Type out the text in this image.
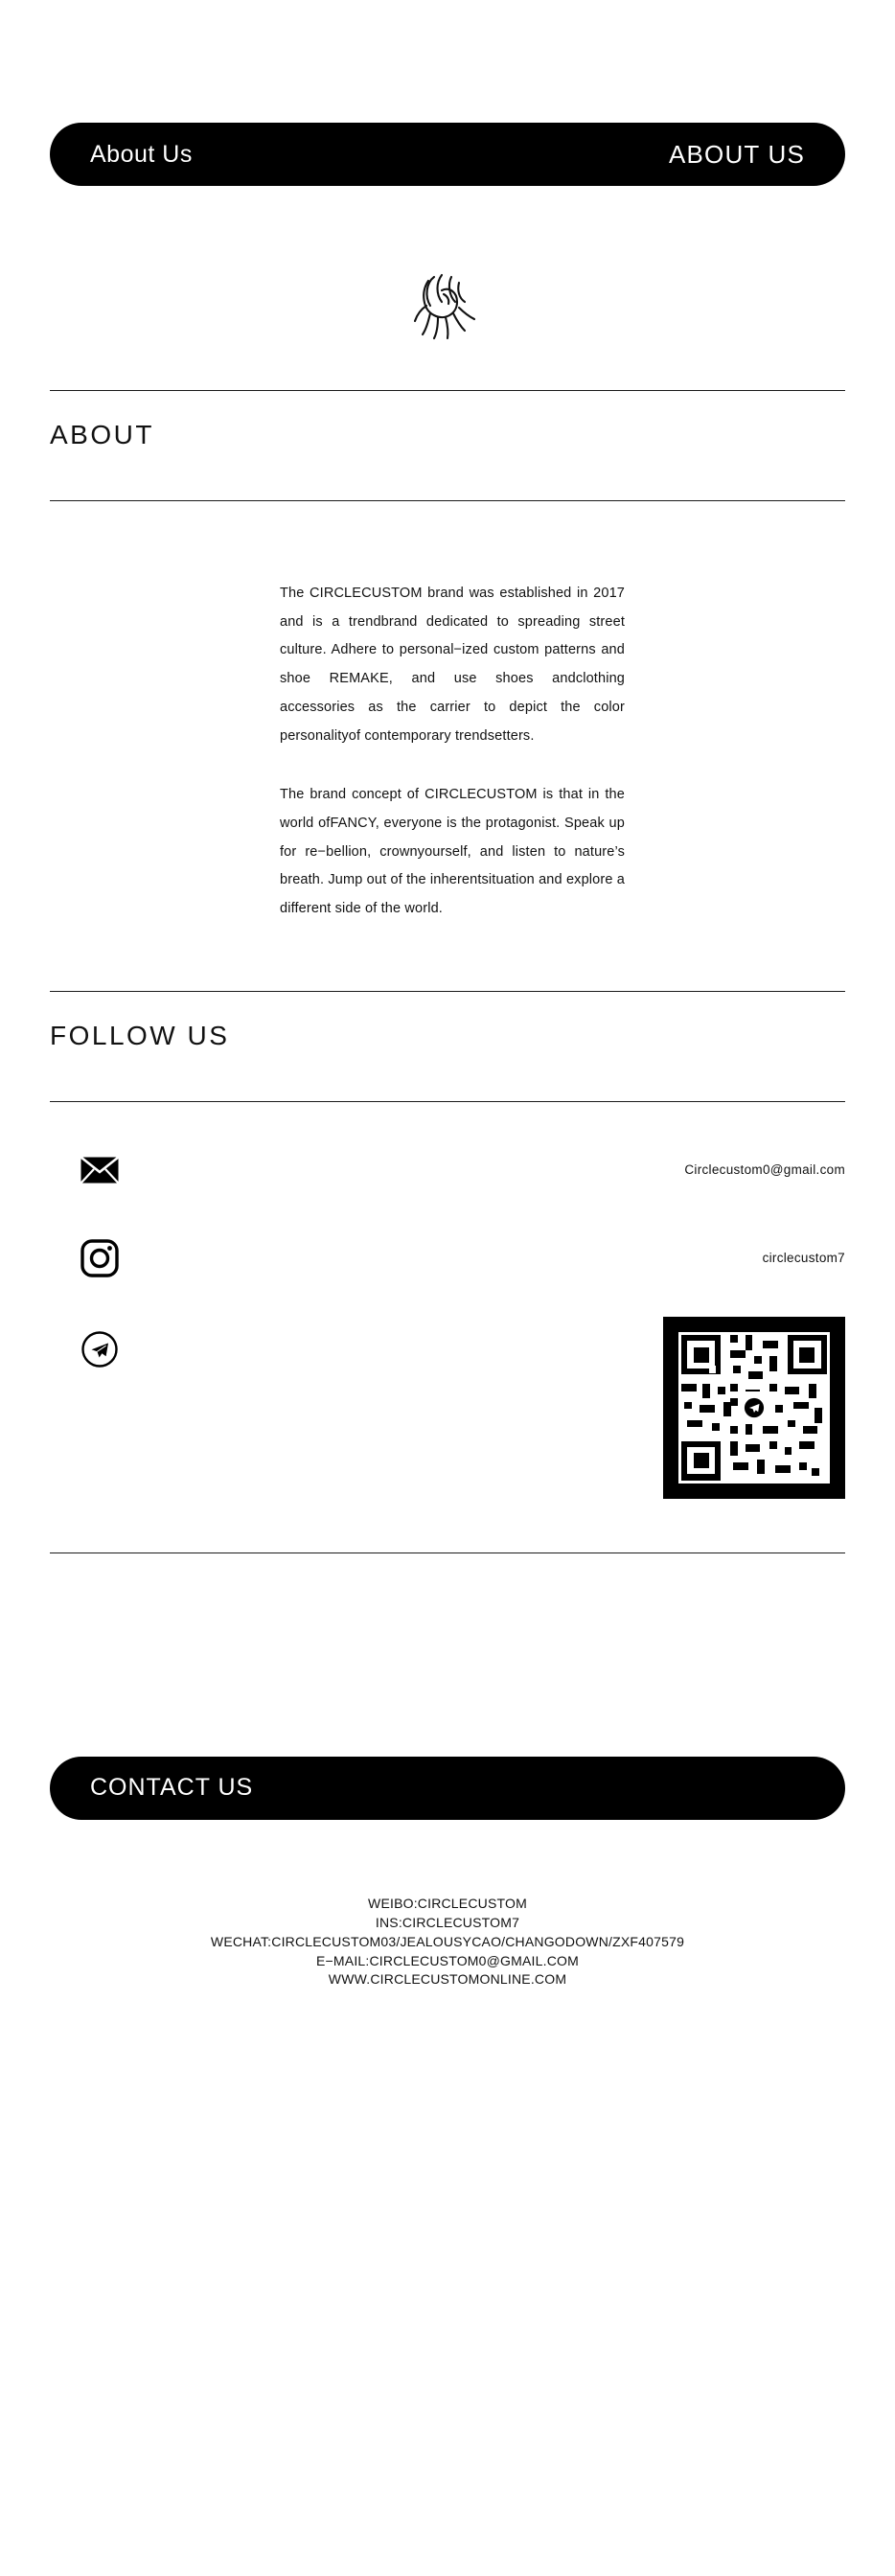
About Us	ABOUT US
ABOUT

The CIRCLECUSTOM brand was established in 2017 and is a trendbrand dedicated to spreading street culture. Adhere to personal−ized custom patterns and shoe REMAKE, and use shoes andclothing accessories as the carrier to depict the color personalityof contemporary trendsetters.

The brand concept of CIRCLECUSTOM is that in the world ofFANCY, everyone is the protagonist. Speak up for re−bellion, crownyourself, and listen to nature’s breath. Jump out of the inherentsituation and explore a different side of the world.

FOLLOW US
Circlecustom0@gmail.com
circlecustom7
CONTACT US
WEIBO:CIRCLECUSTOM
INS:CIRCLECUSTOM7
WECHAT:CIRCLECUSTOM03/JEALOUSYCAO/CHANGODOWN/ZXF407579
E−MAIL:CIRCLECUSTOM0@GMAIL.COM
WWW.CIRCLECUSTOMONLINE.COM
